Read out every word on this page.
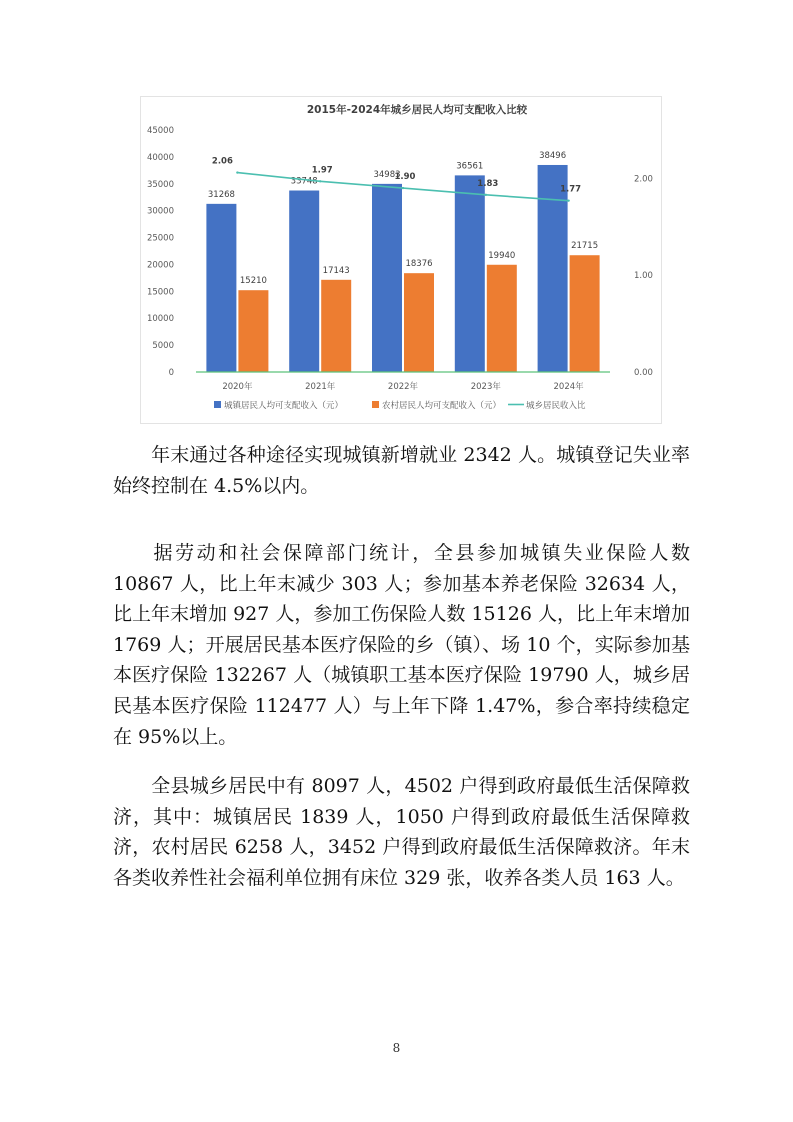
2015年-2024年城乡居民人均可支配收入比较
0
5000
10000
15000
20000
25000
30000
35000
40000
45000
0.00
1.00
2.00
31268
15210
2020年
33748
17143
2021年
34983
18376
2022年
36561
19940
2023年
38496
21715
2024年
2.06
1.97
1.90
1.83
1.77
城镇居民人均可支配收入（元）	农村居民人均可支配收入（元）	城乡居民收入比

年末通过各种途径实现城镇新增就业 2342 人。城镇登记失业率始终控制在 4.5%以内。

据劳动和社会保障部门统计，全县参加城镇失业保险人数 10867 人，比上年末减少 303 人；参加基本养老保险 32634 人，比上年末增加 927 人，参加工伤保险人数 15126 人，比上年末增加 1769 人；开展居民基本医疗保险的乡（镇）、场 10 个，实际参加基本医疗保险 132267 人（城镇职工基本医疗保险 19790 人，城乡居民基本医疗保险 112477 人）与上年下降 1.47%，参合率持续稳定在 95%以上。

全县城乡居民中有 8097 人，4502 户得到政府最低生活保障救济，其中：城镇居民 1839 人，1050 户得到政府最低生活保障救济，农村居民 6258 人，3452 户得到政府最低生活保障救济。年末各类收养性社会福利单位拥有床位 329 张，收养各类人员 163 人。

8
